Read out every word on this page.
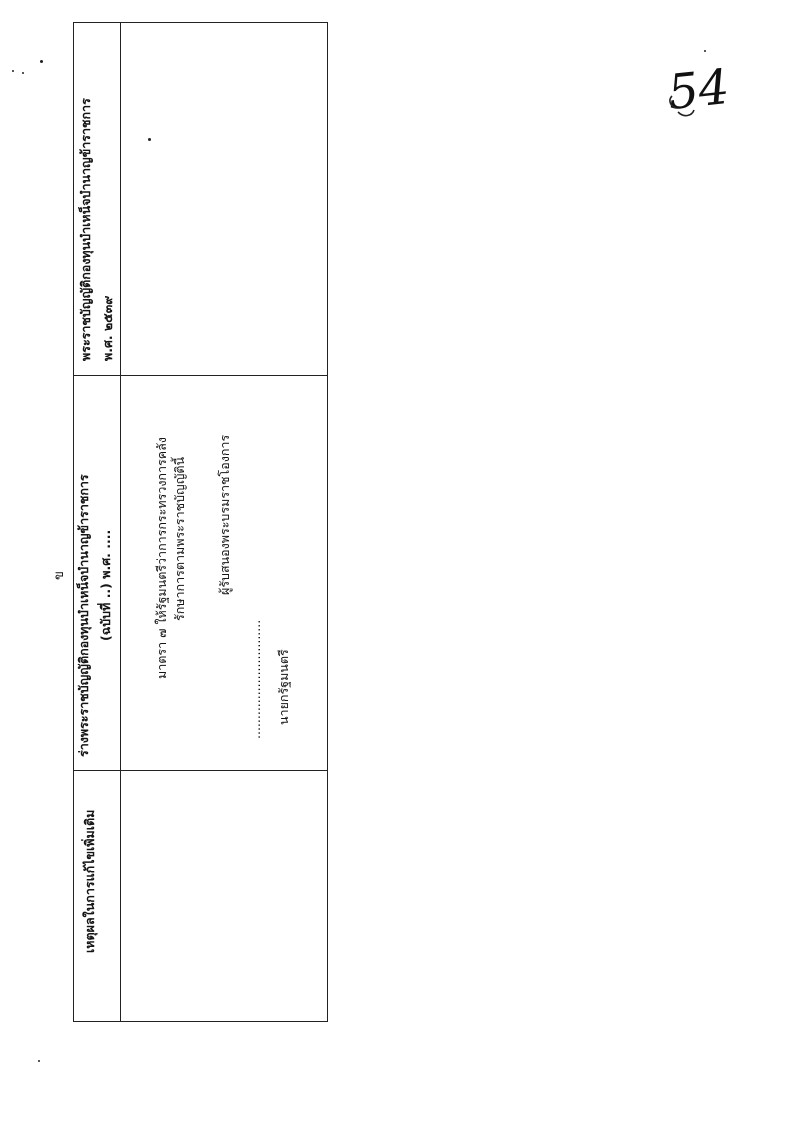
เหตุผลในการแก้ไขเพิ่มเติม
ร่างพระราชบัญญัติกองทุนบำเหน็จบำนาญข้าราชการ (ฉบับที่ ..) พ.ศ. ....
พระราชบัญญัติกองทุนบำเหน็จบำนาญข้าราชการ พ.ศ. ๒๕๓๙
มาตรา ๗ ให้รัฐมนตรีว่าการกระทรวงการคลัง รักษาการตามพระราชบัญญัตินี้ ผู้รับสนองพระบรมราชโองการ
.............................. นายกรัฐมนตรี
ข
54
